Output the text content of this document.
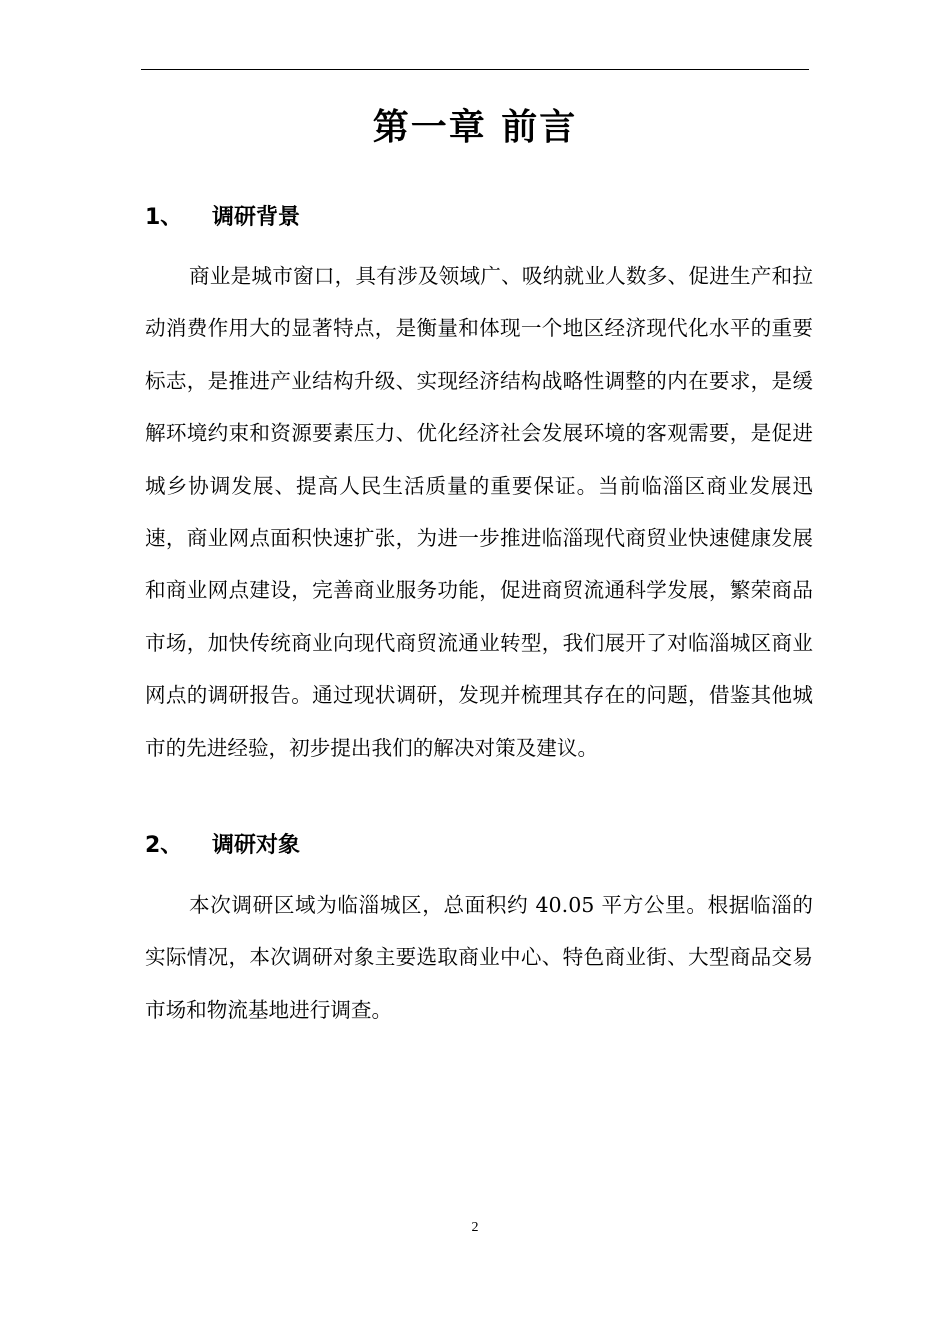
第一章 前言
1、	调研背景

商业是城市窗口，具有涉及领域广、吸纳就业人数多、促进生产和拉动消费作用大的显著特点，是衡量和体现一个地区经济现代化水平的重要标志，是推进产业结构升级、实现经济结构战略性调整的内在要求，是缓解环境约束和资源要素压力、优化经济社会发展环境的客观需要，是促进城乡协调发展、提高人民生活质量的重要保证。当前临淄区商业发展迅速，商业网点面积快速扩张，为进一步推进临淄现代商贸业快速健康发展和商业网点建设，完善商业服务功能，促进商贸流通科学发展，繁荣商品市场，加快传统商业向现代商贸流通业转型，我们展开了对临淄城区商业网点的调研报告。通过现状调研，发现并梳理其存在的问题，借鉴其他城市的先进经验，初步提出我们的解决对策及建议。

2、	调研对象

本次调研区域为临淄城区，总面积约 40.05 平方公里。根据临淄的实际情况，本次调研对象主要选取商业中心、特色商业街、大型商品交易市场和物流基地进行调查。

2
